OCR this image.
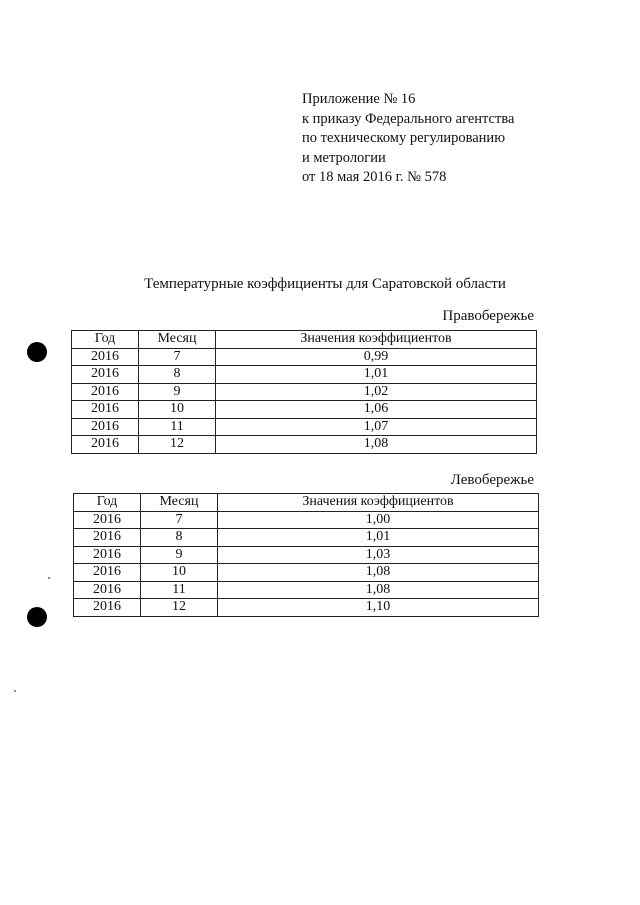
Приложение № 16
к приказу Федерального агентства
по техническому регулированию
и метрологии
от 18 мая 2016 г. № 578
Температурные коэффициенты для Саратовской области
Правобережье
Год	Месяц	Значения коэффициентов
2016	7	0,99
2016	8	1,01
2016	9	1,02
2016	10	1,06
2016	11	1,07
2016	12	1,08
Левобережье
Год	Месяц	Значения коэффициентов
2016	7	1,00
2016	8	1,01
2016	9	1,03
2016	10	1,08
2016	11	1,08
2016	12	1,10
